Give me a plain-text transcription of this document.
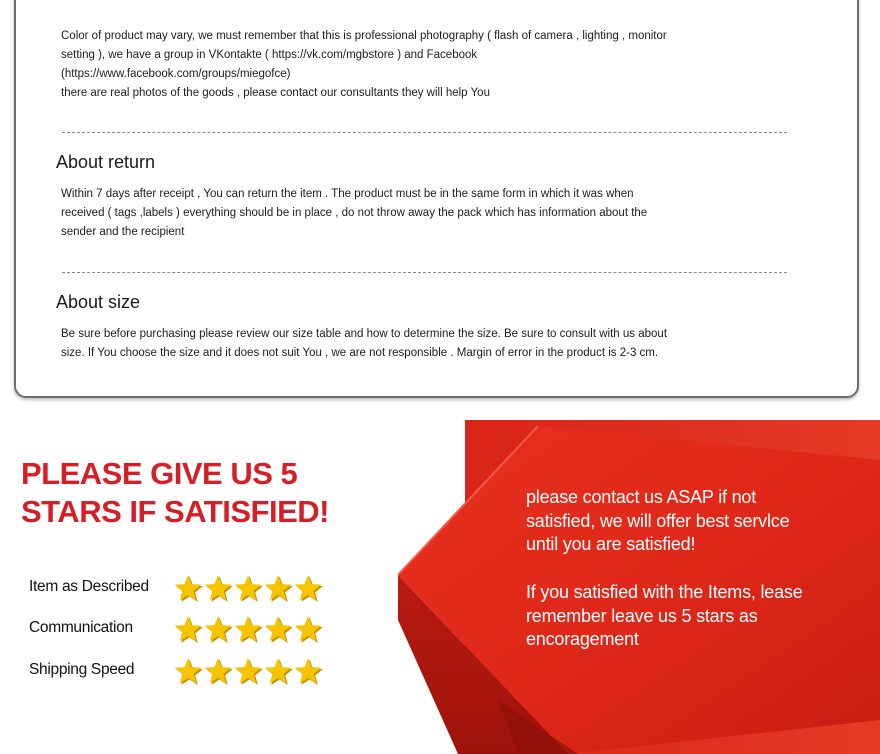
Color of product may vary, we must remember that this is professional photography ( flash of camera , lighting , monitor
setting ), we have a group in VKontakte ( https://vk.com/mgbstore ) and Facebook
(https://www.facebook.com/groups/miegofce)
there are real photos of the goods , please contact our consultants they will help You
About return
Within 7 days after receipt , You can return the item . The product must be in the same form in which it was when
received ( tags ,labels ) everything should be in place , do not throw away the pack which has information about the
sender and the recipient
About size
Be sure before purchasing please review our size table and how to determine the size. Be sure to consult with us about
size. If You choose the size and it does not suit You , we are not responsible . Margin of error in the product is 2-3 cm.
PLEASE GIVE US 5
STARS IF SATISFIED!
Item as Described
Communication
Shipping Speed
please contact us ASAP if not
satisfied, we will offer best servlce
until you are satisfied!
If you satisfied with the Items, lease
remember leave us 5 stars as
encoragement
